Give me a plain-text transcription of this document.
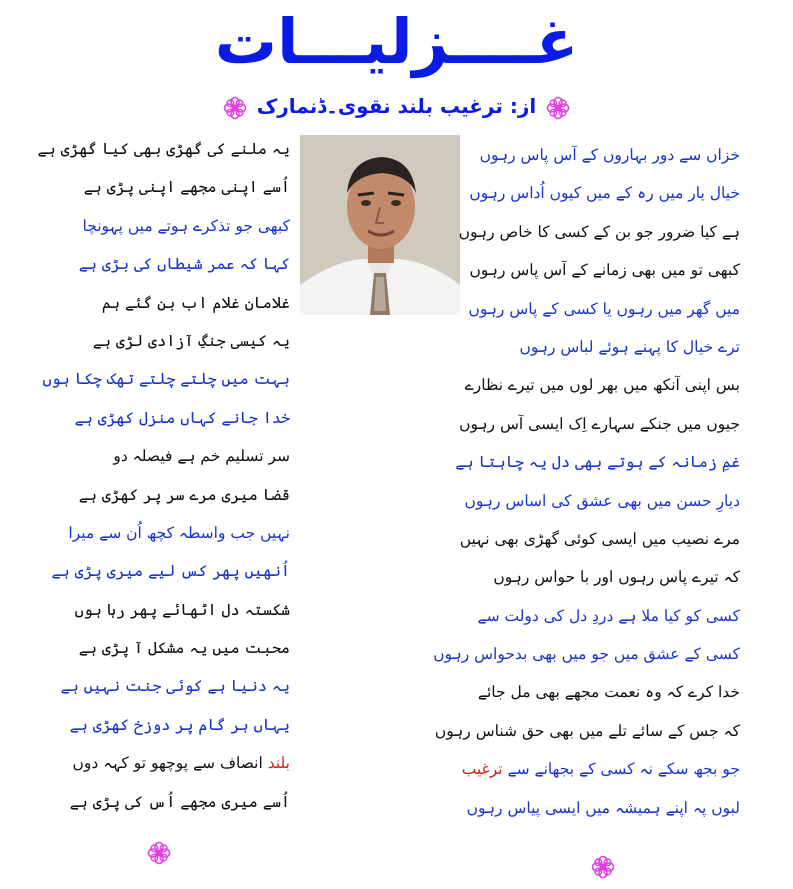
غــــزلیـــات
از: ترغیب بلند نقوی۔ڈنمارک
یہ ملنے کی گھڑی بھی کیا گھڑی ہے
اُسے اپنی مجھے اپنی پڑی ہے
کبھی جو تذکرے ہوتے میں پہونچا
کہا کہ عمر شیطاں کی بڑی ہے
غلامانِ غلام اب بن گئے ہم
یہ کیسی جنگِ آزادی لڑی ہے
بہت میں چلتے چلتے تھک چکا ہوں
خدا جانے کہاں منزل کھڑی ہے
سر تسلیم خم ہے فیصلہ دو
قضا میری مرے سر پر کھڑی ہے
نہیں جب واسطہ کچھ اُن سے میرا
اُنھیں پھر کس لیے میری پڑی ہے
شکستہ دل اٹھائے پھر رہا ہوں
محبت میں یہ مشکل آ پڑی ہے
یہ دنیا ہے کوئی جنت نہیں ہے
یہاں ہر گام پر دوزخ کھڑی ہے
بلند انصاف سے پوچھو تو کہہ دوں
اُسے میری مجھے اُس کی پڑی ہے
خزاں سے دور بہاروں کے آس پاس رہوں
خیال یار میں رہ کے میں کیوں اُداس رہوں
ہے کیا ضرور جو بن کے کسی کا خاص رہوں
کبھی تو میں بھی زمانے کے آس پاس رہوں
میں گھر میں رہوں یا کسی کے پاس رہوں
ترے خیال کا پہنے ہوئے لباس رہوں
بس اپنی آنکھ میں بھر لوں میں تیرے نظارے
جیوں میں جنکے سہارے اِک ایسی آس رہوں
غمِ زمانہ کے ہوتے بھی دل یہ چاہتا ہے
دیارِ حسن میں بھی عشق کی اساس رہوں
مرے نصیب میں ایسی کوئی گھڑی بھی نہیں
کہ تیرے پاس رہوں اور با حواس رہوں
کسی کو کیا ملا ہے دردِ دل کی دولت سے
کسی کے عشق میں جو میں بھی بدحواس رہوں
خدا کرے کہ وہ نعمت مجھے بھی مل جائے
کہ جس کے سائے تلے میں بھی حق شناس رہوں
جو بجھ سکے نہ کسی کے بجھانے سے ترغیب
لبوں پہ اپنے ہمیشہ میں ایسی پیاس رہوں
